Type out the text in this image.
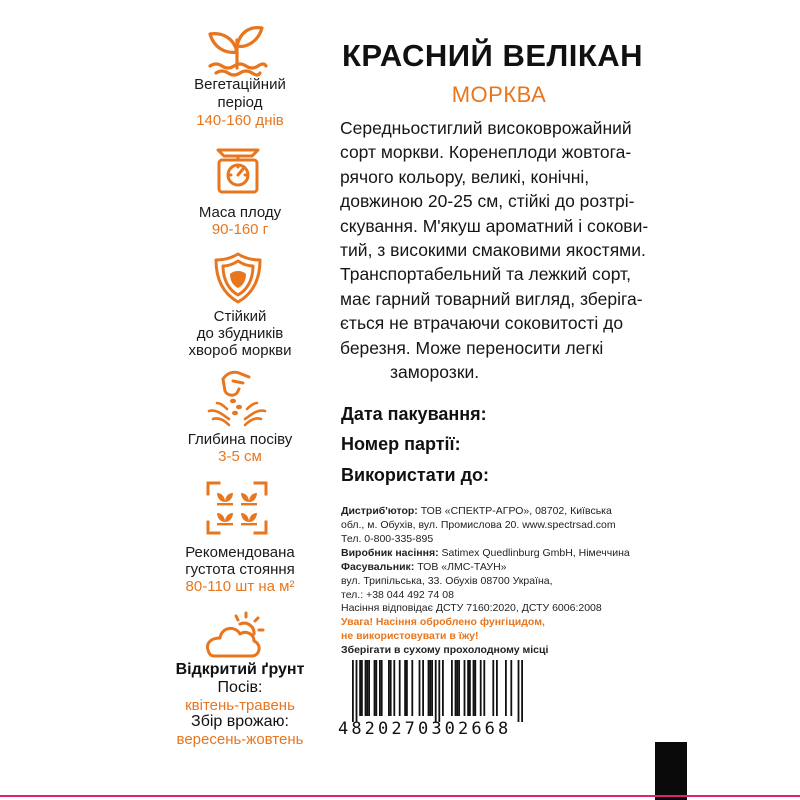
Вегетаційний
період
140-160 днів
Маса плоду
90-160 г
Стійкий
до збудників
хвороб моркви
Глибина посіву
3-5 см
Рекомендована
густота стояння
80-110 шт на м²
Відкритий ґрунт
Посів:
квітень-травень
Збір врожаю:
вересень-жовтень
КРАСНИЙ ВЕЛІКАН
МОРКВА
Середньостиглий високоврожайний
сорт моркви. Коренеплоди жовтога-
рячого кольору, великі, конічні,
довжиною 20-25 см, стійкі до розтрі-
скування. М'якуш ароматний і сокови-
тий, з високими смаковими якостями.
Транспортабельний та лежкий сорт,
має гарний товарний вигляд, зберіга-
ється не втрачаючи соковитості до
березня. Може переносити легкі
заморозки.
Дата пакування:
Номер партії:
Використати до:
Дистриб'ютор: ТОВ «СПЕКТР-АГРО», 08702, Київська
обл., м. Обухів, вул. Промислова 20. www.spectrsad.com
Тел. 0-800-335-895
Виробник насіння: Satimex Quedlinburg GmbH, Німеччина
Фасувальник: ТОВ «ЛМС-ТАУН»
вул. Трипільська, 33. Обухів 08700 Україна,
тел.: +38 044 492 74 08
Насіння відповідає ДСТУ 7160:2020, ДСТУ 6006:2008
Увага! Насіння оброблено фунгіцидом,
не використовувати в їжу!
Зберігати в сухому прохолодному місці
4820270302668
